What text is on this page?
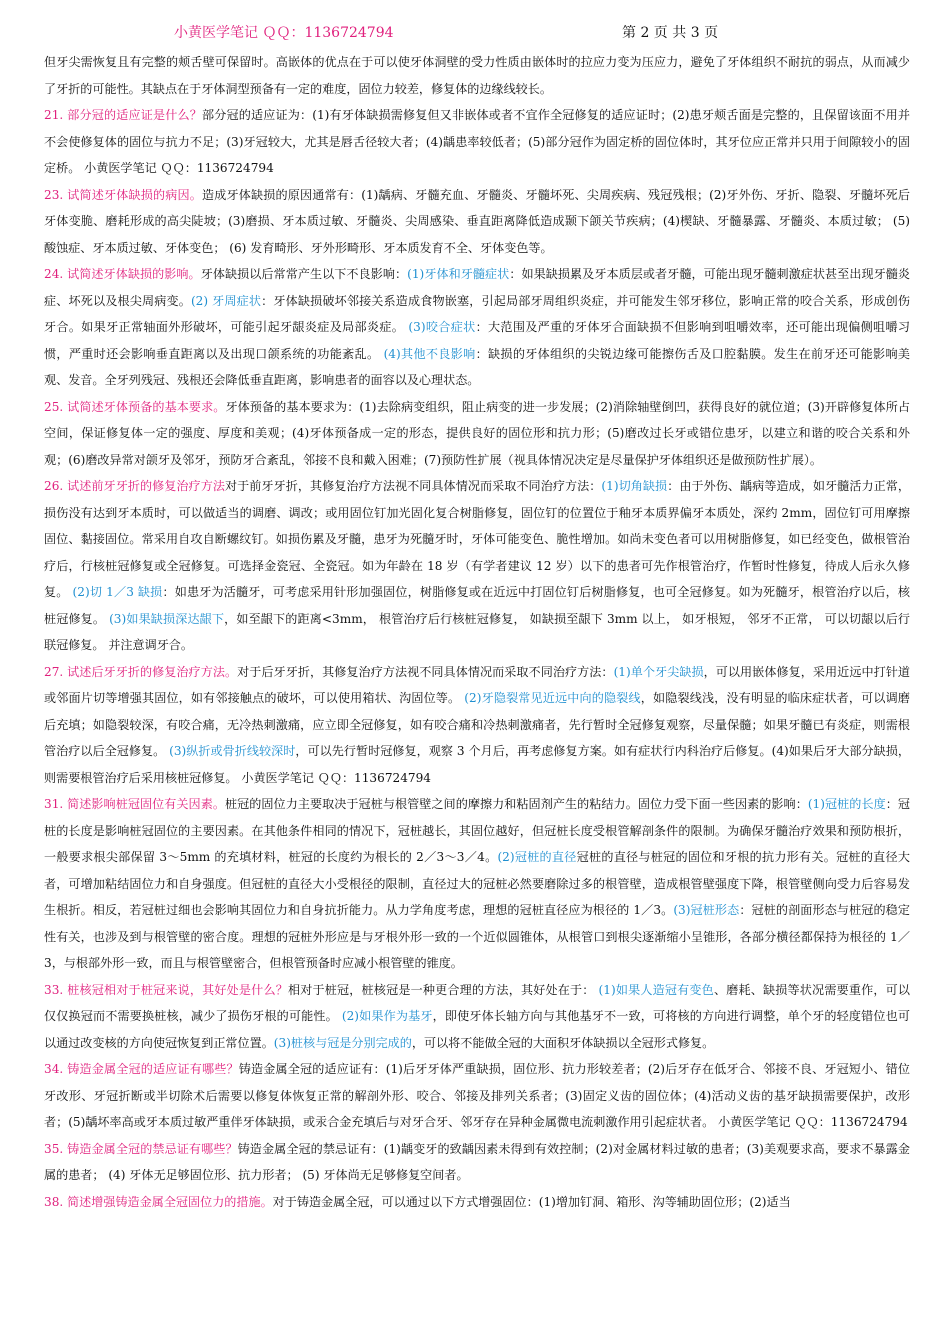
小黄医学笔记 ＱＱ：1136724794	第 2 页 共 3 页

但牙尖需恢复且有完整的颊舌壁可保留时。高嵌体的优点在于可以使牙体洞壁的受力性质由嵌体时的拉应力变为压应力，避免了牙体组织不耐抗的弱点，从而减少了牙折的可能性。其缺点在于牙体洞型预备有一定的难度，固位力较差，修复体的边缘线较长。

21. 部分冠的适应证是什么？部分冠的适应证为：(1)有牙体缺损需修复但又非嵌体或者不宜作全冠修复的适应证时；(2)患牙颊舌面是完整的，且保留该面不用并不会使修复体的固位与抗力不足；(3)牙冠较大，尤其是唇舌径较大者；(4)龋患率较低者；(5)部分冠作为固定桥的固位体时，其牙位应正常并只用于间隙较小的固定桥。 小黄医学笔记 ＱＱ：1136724794

23. 试简述牙体缺损的病因。造成牙体缺损的原因通常有：(1)龋病、牙髓充血、牙髓炎、牙髓坏死、尖周疾病、残冠残根；(2)牙外伤、牙折、隐裂、牙髓坏死后牙体变脆、磨耗形成的高尖陡坡；(3)磨损、牙本质过敏、牙髓炎、尖周感染、垂直距离降低造成颞下颌关节疾病；(4)楔缺、牙髓暴露、牙髓炎、本质过敏； (5) 酸蚀症、牙本质过敏、牙体变色； (6) 发育畸形、牙外形畸形、牙本质发育不全、牙体变色等。

24. 试简述牙体缺损的影响。牙体缺损以后常常产生以下不良影响：(1)牙体和牙髓症状：如果缺损累及牙本质层或者牙髓，可能出现牙髓刺激症状甚至出现牙髓炎症、坏死以及根尖周病变。(2) 牙周症状：牙体缺损破坏邻接关系造成食物嵌塞，引起局部牙周组织炎症，并可能发生邻牙移位，影响正常的咬合关系，形成创伤牙合。如果牙正常轴面外形破坏，可能引起牙龈炎症及局部炎症。 (3)咬合症状：大范围及严重的牙体牙合面缺损不但影响到咀嚼效率，还可能出现偏侧咀嚼习惯，严重时还会影响垂直距离以及出现口颌系统的功能紊乱。 (4)其他不良影响：缺损的牙体组织的尖锐边缘可能擦伤舌及口腔黏膜。发生在前牙还可能影响美观、发音。全牙列残冠、残根还会降低垂直距离，影响患者的面容以及心理状态。

25. 试简述牙体预备的基本要求。牙体预备的基本要求为：(1)去除病变组织，阻止病变的进一步发展；(2)消除轴壁倒凹，获得良好的就位道；(3)开辟修复体所占空间，保证修复体一定的强度、厚度和美观；(4)牙体预备成一定的形态，提供良好的固位形和抗力形；(5)磨改过长牙或错位患牙，以建立和谐的咬合关系和外观；(6)磨改异常对颌牙及邻牙，预防牙合紊乱，邻接不良和戴入困难；(7)预防性扩展（视具体情况决定是尽量保护牙体组织还是做预防性扩展）。

26. 试述前牙牙折的修复治疗方法对于前牙牙折，其修复治疗方法视不同具体情况而采取不同治疗方法：(1)切角缺损：由于外伤、龋病等造成，如牙髓活力正常，损伤没有达到牙本质时，可以做适当的调磨、调改；或用固位钉加光固化复合树脂修复，固位钉的位置位于釉牙本质界偏牙本质处，深约 2mm，固位钉可用摩擦固位、黏接固位。常采用自攻自断螺纹钉。如损伤累及牙髓，患牙为死髓牙时，牙体可能变色、脆性增加。如尚未变色者可以用树脂修复，如已经变色，做根管治疗后，行核桩冠修复或全冠修复。可选择金瓷冠、全瓷冠。如为年龄在 18 岁（有学者建议 12 岁）以下的患者可先作根管治疗，作暂时性修复，待成人后永久修复。 (2)切 1／3 缺损：如患牙为活髓牙，可考虑采用针形加强固位，树脂修复或在近远中打固位钉后树脂修复，也可全冠修复。如为死髓牙，根管治疗以后，核桩冠修复。 (3)如果缺损深达龈下，如至龈下的距离<3mm， 根管治疗后行核桩冠修复， 如缺损至龈下 3mm 以上， 如牙根短， 邻牙不正常， 可以切龈以后行联冠修复。 并注意调牙合。

27. 试述后牙牙折的修复治疗方法。对于后牙牙折，其修复治疗方法视不同具体情况而采取不同治疗方法：(1)单个牙尖缺损，可以用嵌体修复，采用近远中打针道或邻面片切等增强其固位，如有邻接触点的破坏，可以使用箱状、沟固位等。 (2)牙隐裂常见近远中向的隐裂线，如隐裂线浅，没有明显的临床症状者，可以调磨后充填；如隐裂较深，有咬合痛，无冷热刺激痛，应立即全冠修复，如有咬合痛和冷热刺激痛者，先行暂时全冠修复观察，尽量保髓；如果牙髓已有炎症，则需根管治疗以后全冠修复。 (3)纵折或骨折线较深时，可以先行暂时冠修复，观察 3 个月后，再考虑修复方案。如有症状行内科治疗后修复。(4)如果后牙大部分缺损，则需要根管治疗后采用核桩冠修复。 小黄医学笔记 ＱＱ：1136724794

31. 简述影响桩冠固位有关因素。桩冠的固位力主要取决于冠桩与根管壁之间的摩擦力和粘固剂产生的粘结力。固位力受下面一些因素的影响：(1)冠桩的长度：冠桩的长度是影响桩冠固位的主要因素。在其他条件相同的情况下，冠桩越长，其固位越好，但冠桩长度受根管解剖条件的限制。为确保牙髓治疗效果和预防根折，一般要求根尖部保留 3～5mm 的充填材料，桩冠的长度约为根长的 2／3～3／4。(2)冠桩的直径冠桩的直径与桩冠的固位和牙根的抗力形有关。冠桩的直径大者，可增加粘结固位力和自身强度。但冠桩的直径大小受根径的限制，直径过大的冠桩必然要磨除过多的根管壁，造成根管壁强度下降，根管壁侧向受力后容易发生根折。相反，若冠桩过细也会影响其固位力和自身抗折能力。从力学角度考虑，理想的冠桩直径应为根径的 1／3。(3)冠桩形态：冠桩的剖面形态与桩冠的稳定性有关，也涉及到与根管壁的密合度。理想的冠桩外形应是与牙根外形一致的一个近似圆锥体，从根管口到根尖逐渐缩小呈锥形，各部分横径都保持为根径的 1／3，与根部外形一致，而且与根管壁密合，但根管预备时应减小根管壁的锥度。

33. 桩核冠相对于桩冠来说，其好处是什么？相对于桩冠，桩核冠是一种更合理的方法，其好处在于： (1)如果人造冠有变色、磨耗、缺损等状况需要重作，可以仅仅换冠而不需要换桩核，减少了损伤牙根的可能性。 (2)如果作为基牙，即使牙体长轴方向与其他基牙不一致，可将核的方向进行调整，单个牙的轻度错位也可以通过改变核的方向使冠恢复到正常位置。(3)桩核与冠是分别完成的，可以将不能做全冠的大面积牙体缺损以全冠形式修复。

34. 铸造金属全冠的适应证有哪些？铸造金属全冠的适应证有：(1)后牙牙体严重缺损，固位形、抗力形较差者；(2)后牙存在低牙合、邻接不良、牙冠短小、错位牙改形、牙冠折断或半切除术后需要以修复体恢复正常的解剖外形、咬合、邻接及排列关系者；(3)固定义齿的固位体；(4)活动义齿的基牙缺损需要保护，改形者；(5)龋坏率高或牙本质过敏严重伴牙体缺损，或汞合金充填后与对牙合牙、邻牙存在异种金属微电流刺激作用引起症状者。 小黄医学笔记 ＱＱ：1136724794

35. 铸造金属全冠的禁忌证有哪些？铸造金属全冠的禁忌证有：(1)龋变牙的致龋因素未得到有效控制；(2)对金属材料过敏的患者；(3)美观要求高，要求不暴露金属的患者； (4) 牙体无足够固位形、抗力形者； (5) 牙体尚无足够修复空间者。

38. 简述增强铸造金属全冠固位力的措施。对于铸造金属全冠，可以通过以下方式增强固位：(1)增加钉洞、箱形、沟等辅助固位形；(2)适当
